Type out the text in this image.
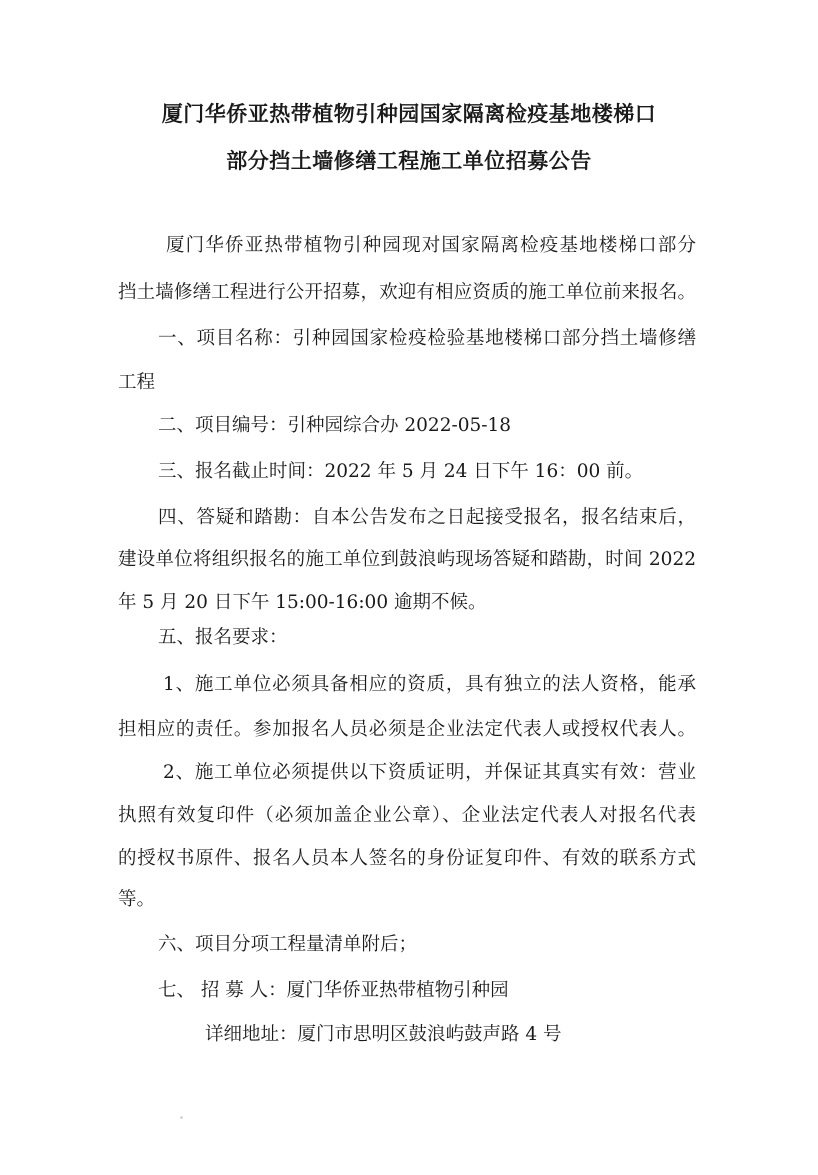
厦门华侨亚热带植物引种园国家隔离检疫基地楼梯口
部分挡土墙修缮工程施工单位招募公告
厦门华侨亚热带植物引种园现对国家隔离检疫基地楼梯口部分
挡土墙修缮工程进行公开招募，欢迎有相应资质的施工单位前来报名。
一、项目名称：引种园国家检疫检验基地楼梯口部分挡土墙修缮
工程
二、项目编号：引种园综合办 2022-05-18
三、报名截止时间：2022 年 5 月 24 日下午 16：00 前。
四、答疑和踏勘：自本公告发布之日起接受报名，报名结束后，
建设单位将组织报名的施工单位到鼓浪屿现场答疑和踏勘，时间 2022
年 5 月 20 日下午 15:00-16:00 逾期不候。
五、报名要求：
1、施工单位必须具备相应的资质，具有独立的法人资格，能承
担相应的责任。参加报名人员必须是企业法定代表人或授权代表人。
2、施工单位必须提供以下资质证明，并保证其真实有效：营业
执照有效复印件（必须加盖企业公章）、企业法定代表人对报名代表
的授权书原件、报名人员本人签名的身份证复印件、有效的联系方式
等。
六、项目分项工程量清单附后；
七、 招 募 人：厦门华侨亚热带植物引种园
详细地址：厦门市思明区鼓浪屿鼓声路 4 号
